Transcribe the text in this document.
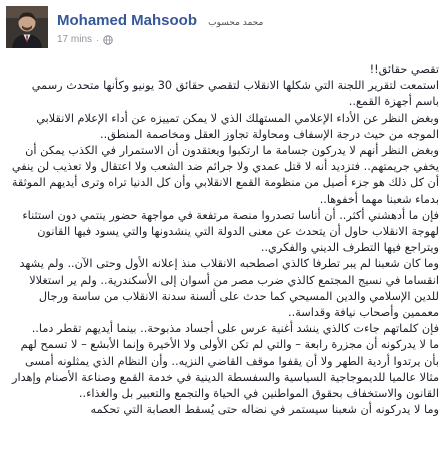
Mohamed Mahsoob محمد محسوب
17 mins ·

تقصي حقائق!!
استمعت لتقرير اللجنة التي شكلها الانقلاب لتقصي حقائق 30 يونيو وكأنها متحدث رسمي باسم أجهزة القمع..

وبغض النظر عن الأداء الإعلامي المستهلك الذي لا يمكن تمييزه عن أداء الإعلام الانقلابي الموجه من حيث درجة الإسفاف ومحاولة تجاوز العقل ومخاصمة المنطق..

وبغض النظر أنهم لا يدركون جسامة ما ارتكبوا ويعتقدون أن الاستمرار في الكذب يمكن أن يخفي جريمتهم.. فتزديد أنه لا قتل عمدي ولا جرائم ضد الشعب ولا اعتقال ولا تعذيب لن ينفي أن كل ذلك هو جزء أصيل من منظومة القمع الانقلابي وأن كل الدنيا تراه وترى أيديهم الموثقة بدماء شعبنا مهما أخفوها..

فإن ما أدهشني أكثر.. أن أناسا تصدروا منصة مرتفعة في مواجهة حضور ينتمي دون استثناء لهوجة الانقلاب حاول أن يتحدث عن معنى الدولة التي ينشدونها والتي يسود فيها القانون ويتراجع فيها التطرف الديني والفكري..

وما كان شعبنا لم يبر تطرفا كالذي اصطحبه الانقلاب منذ إعلانه الأول وحتى الآن.. ولم يشهد انقساما في نسيج المجتمع كالذي ضرب مصر من أسوان إلى الأسكندرية.. ولم ير استغلالا للدين الإسلامي والدين المسيحي كما حدث على ألسنة سدنة الانقلاب من ساسة ورجال معممين وأصحاب نيافة وقداسة..

فإن كلماتهم جاءت كالذي ينشد أغنية عرس على أجساد مذبوحة.. بينما أيديهم تقطر دما..

ما لا يدركونه أن مجزرة رابعة – والتي لم تكن الأولى ولا الأخيرة وإنما الأبشع – لا تسمح لهم بأن يرتدوا أردية الطهر ولا أن يقفوا موقف القاضي النزيه.. وأن النظام الذي يمثلونه أمسى مثالا عالميا للديموجاجية السياسية والسفسطة الدينية في خدمة القمع وصناعة الأصنام وإهدار القانون والاستخفاف بحقوق المواطنين في الحياة والتجمع والتعبير بل والغذاء..

وما لا يدركونه أن شعبنا سيستمر في نضاله حتى يُسقط العصابة التي تحكمه
